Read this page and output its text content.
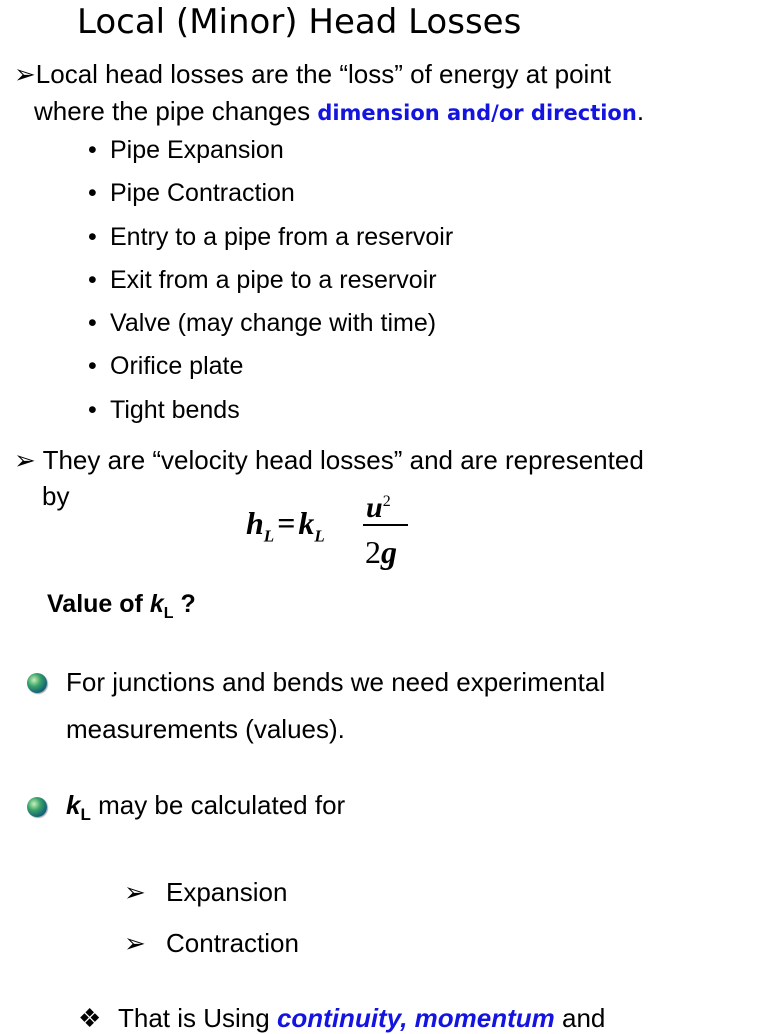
Local (Minor) Head Losses
➢Local head losses are the “loss” of energy at point
where the pipe changes dimension and/or direction.
• Pipe Expansion
• Pipe Contraction
• Entry to a pipe from a reservoir
• Exit from a pipe to a reservoir
• Valve (may change with time)
• Orifice plate
• Tight bends
➢ They are “velocity head losses” and are represented
by
$h_L=k_L$
$u^2$
2g
Value of $k_L$ ?
For junctions and bends we need experimental
measurements (values).
$k_L$ may be calculated for
➢ Expansion
➢ Contraction
❖ That is Using continuity, momentum and
